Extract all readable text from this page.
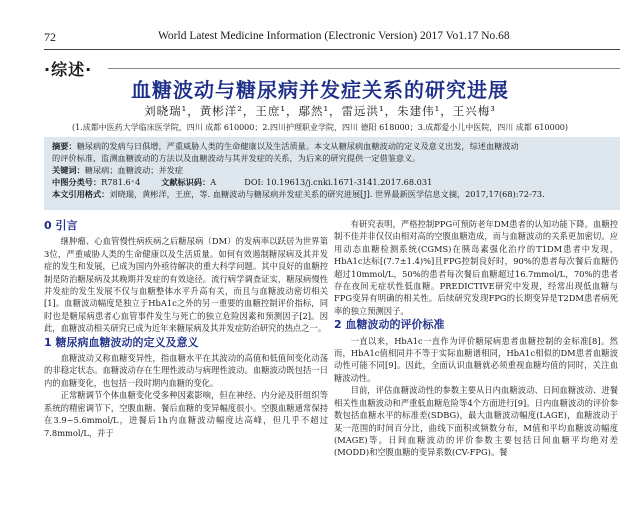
72	World Latest Medicine Information (Electronic Version) 2017 Vo1.17 No.68
·综述·
血糖波动与糖尿病并发症关系的研究进展
刘晓瑞¹，黄彬洋²，王庶¹，鄢然¹，雷远洪¹，朱建伟¹，王兴梅³
(1.成都中医药大学临床医学院，四川 成都 610000；2.四川护理职业学院，四川 德阳 618000；3.成都爱小儿中医院，四川 成都 610000)
摘要：糖尿病的发病与日俱增，严重威胁人类的生命健康以及生活质量。本文从糖尿病血糖波动的定义及意义出发，综述血糖波动
的评价标准，监测血糖波动的方法以及血糖波动与其并发症的关系，为后来的研究提供一定借鉴意义。
关键词：糖尿病；血糖波动；并发症
中图分类号：R781.6⁺4	文献标识码：A	DOI: 10.19613/j.cnki.1671-3141.2017.68.031
本文引用格式：刘晓瑞，黄彬洋，王庶，等. 血糖波动与糖尿病并发症关系的研究进展[J]. 世界最新医学信息文摘，2017,17(68):72-73.
0 引言

继肿瘤、心血管慢性病疾病之后糖尿病（DM）的发病率以跃居为世界第3位，严重威胁人类的生命健康以及生活质量。如何有效遏制糖尿病及其并发症的发生和发展，已成为国内外亟待解决的重大科学问题。其中良好的血糖控制是防治糖尿病及其晚期并发症的有效途径。流行病学调查证实，糖尿病慢性并发症的发生发展不仅与血糖整体水平升高有关，而且与血糖波动密切相关[1]。血糖波动幅度是独立于HbA1c之外的另一重要的血糖控制评价指标，同时也是糖尿病患者心血管事件发生与死亡的独立危险因素和预测因子[2]。因此，血糖波动相关研究已成为近年来糖尿病及其并发症防治研究的热点之一。

1 糖尿病血糖波动的定义及意义

血糖波动又称血糖变异性，指血糖水平在其波动的高值和低值间变化动荡的非稳定状态。血糖波动存在生理性波动与病理性波动。血糖波动既包括一日内的血糖变化，也包括一段时期内血糖的变化。

正常糖调节个体血糖变化受多种因素影响，但在神经、内分泌及肝组织等系统的精密调节下，空腹血糖、餐后血糖的变异幅度很小。空腹血糖通常保持在3.9~5.6mmol/L，进餐后1h内血糖波动幅度达高峰，但几乎不超过7.8mmol/L，并于

有研究表明，严格控制PPG可预防老年DM患者的认知功能下降。血糖控制不佳并非仅仅由相对高的空腹血糖造成，而与血糖波动的关系更加密切。应用动态血糖检测系统(CGMS)在胰岛素强化治疗的T1DM患者中发现，HbA1c达标[(7.7±1.4)%]且FPG控制良好时，90%的患者每次餐后血糖仍超过10mmol/L，50%的患者每次餐后血糖超过16.7mmol/L，70%的患者存在夜间无症状性低血糖。PREDICTIVE研究中发现，经常出现低血糖与FPG变异有明确的相关性。后续研究发现FPG的长期变异是T2DM患者病死率的独立预测因子。

2 血糖波动的评价标准

一直以来，HbA1c一直作为评价糖尿病患者血糖控制的金标准[8]。然而，HbA1c值相同并不等于实际血糖谱相同，HbA1c相似的DM患者血糖波动性可能不同[9]。因此，全面认识血糖就必须重视血糖均值的同时，关注血糖波动性。

目前，评估血糖波动性的参数主要从日内血糖波动、日间血糖波动、进餐相关性血糖波动和严重低血糖危险等4个方面进行[9]。日内血糖波动的评价参数包括血糖水平的标准差(SDBG)，最大血糖波动幅度(LAGE)，血糖波动于某一范围的时间百分比，曲线下面积或频数分布，M值和平均血糖波动幅度(MAGE)等。日间血糖波动的评价参数主要包括日间血糖平均绝对差(MODD)和空腹血糖的变异系数(CV-FPG)。餐
